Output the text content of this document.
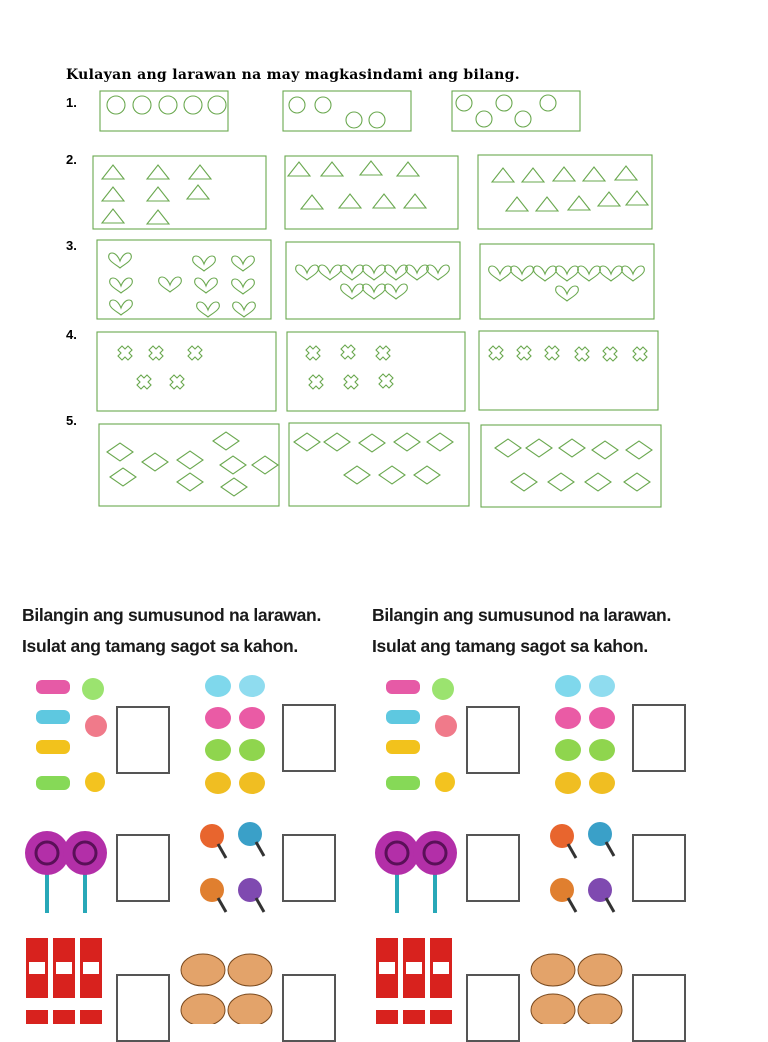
Kulayan ang larawan na may magkasindami ang bilang.
1.
2.
3.
4.
5.
Bilangin ang sumusunod na larawan. Isulat ang tamang sagot sa kahon.
Bilangin ang sumusunod na larawan. Isulat ang tamang sagot sa kahon.
